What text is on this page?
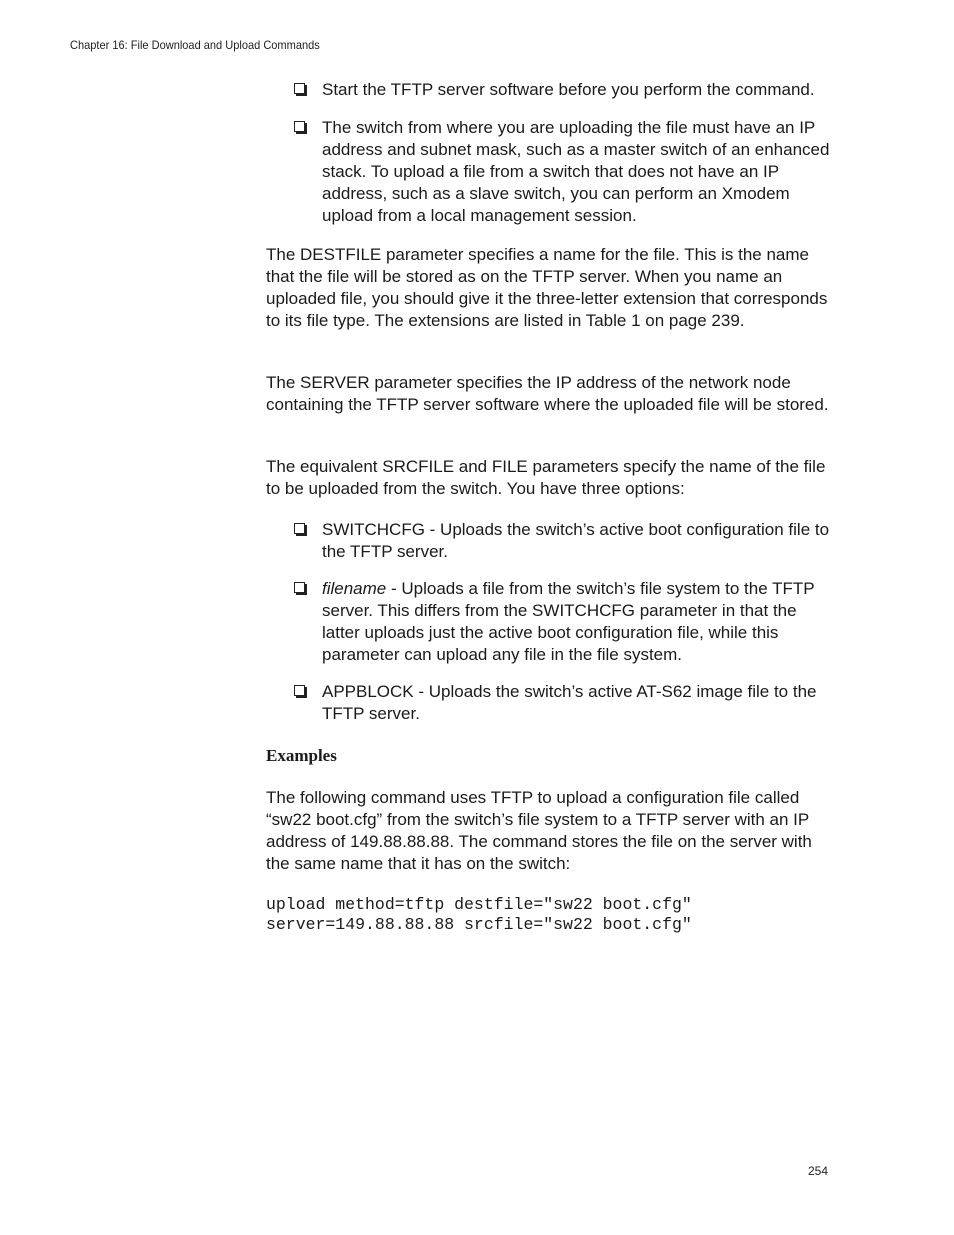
Chapter 16: File Download and Upload Commands
Start the TFTP server software before you perform the command.
The switch from where you are uploading the file must have an IP address and subnet mask, such as a master switch of an enhanced stack. To upload a file from a switch that does not have an IP address, such as a slave switch, you can perform an Xmodem upload from a local management session.
The DESTFILE parameter specifies a name for the file. This is the name that the file will be stored as on the TFTP server. When you name an uploaded file, you should give it the three-letter extension that corresponds to its file type. The extensions are listed in Table 1 on page 239.
The SERVER parameter specifies the IP address of the network node containing the TFTP server software where the uploaded file will be stored.
The equivalent SRCFILE and FILE parameters specify the name of the file to be uploaded from the switch. You have three options:
SWITCHCFG - Uploads the switch’s active boot configuration file to the TFTP server.
filename - Uploads a file from the switch’s file system to the TFTP server. This differs from the SWITCHCFG parameter in that the latter uploads just the active boot configuration file, while this parameter can upload any file in the file system.
APPBLOCK - Uploads the switch’s active AT-S62 image file to the TFTP server.
Examples
The following command uses TFTP to upload a configuration file called “sw22 boot.cfg” from the switch’s file system to a TFTP server with an IP address of 149.88.88.88. The command stores the file on the server with the same name that it has on the switch:
upload method=tftp destfile="sw22 boot.cfg"
server=149.88.88.88 srcfile="sw22 boot.cfg"
254
